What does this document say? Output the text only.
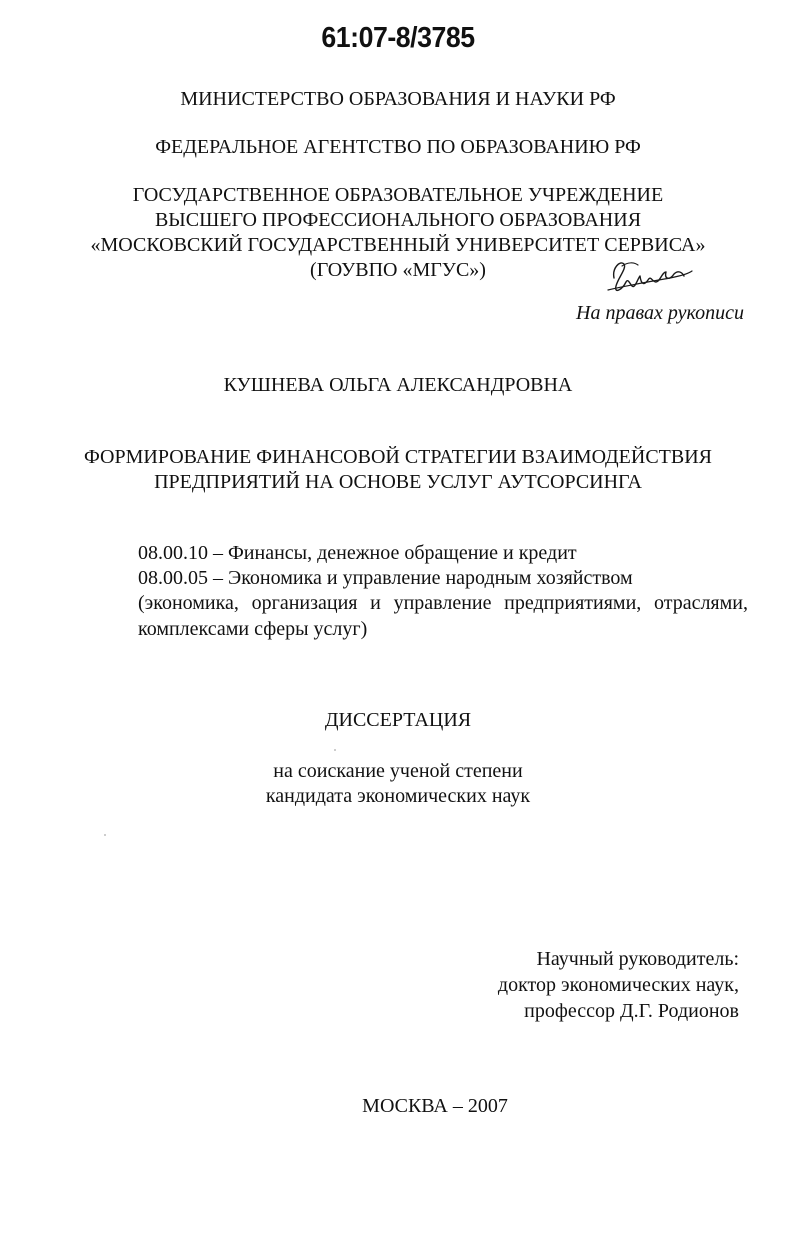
61:07-8/3785
МИНИСТЕРСТВО ОБРАЗОВАНИЯ И НАУКИ РФ
ФЕДЕРАЛЬНОЕ АГЕНТСТВО ПО ОБРАЗОВАНИЮ РФ
ГОСУДАРСТВЕННОЕ ОБРАЗОВАТЕЛЬНОЕ УЧРЕЖДЕНИЕ
ВЫСШЕГО ПРОФЕССИОНАЛЬНОГО ОБРАЗОВАНИЯ
«МОСКОВСКИЙ ГОСУДАРСТВЕННЫЙ УНИВЕРСИТЕТ СЕРВИСА»
(ГОУВПО «МГУС»)
На правах рукописи
КУШНЕВА ОЛЬГА АЛЕКСАНДРОВНА
ФОРМИРОВАНИЕ ФИНАНСОВОЙ СТРАТЕГИИ ВЗАИМОДЕЙСТВИЯ
ПРЕДПРИЯТИЙ НА ОСНОВЕ УСЛУГ АУТСОРСИНГА
08.00.10 – Финансы, денежное обращение и кредит
08.00.05 – Экономика и управление народным хозяйством
(экономика, организация и управление предприятиями, отраслями, комплексами сферы услуг)
ДИССЕРТАЦИЯ
на соискание ученой степени
кандидата экономических наук
Научный руководитель:
доктор экономических наук,
профессор Д.Г. Родионов
МОСКВА – 2007
